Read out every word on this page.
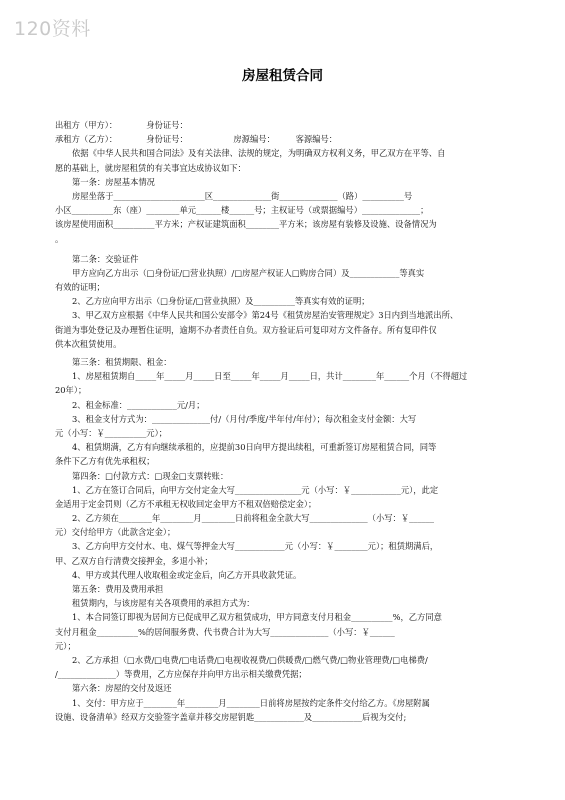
120资料
房屋租赁合同
出租方（甲方）：　　　　身份证号：
承租方（乙方）：　　　　身份证号：　　　　　　房源编号：　　　客源编号：
依据《中华人民共和国合同法》及有关法律、法规的规定，为明确双方权利义务，甲乙双方在平等、自
愿的基础上，就房屋租赁的有关事宜达成协议如下：
第一条：房屋基本情况
房屋坐落于______________________区______________街______________（路）__________号
小区__________东（座）________单元______楼______号；主权证号（或票据编号）______________；
该房屋使用面积__________平方米；产权证建筑面积________平方米；该房屋有装修及设施、设备情况为
。
第二条：交验证件
甲方应向乙方出示（□身份证/□营业执照）/□房屋产权证人□购房合同）及____________等真实
有效的证明；
2、乙方应向甲方出示（□身份证/□营业执照）及__________等真实有效的证明；
3、甲乙双方应根据《中华人民共和国公安部令》第24号《租赁房屋治安管理规定》3日内到当地派出所、
街道为事处登记及办理暂住证明，逾期不办者责任自负。双方验证后可复印对方文件备存。所有复印件仅
供本次租赁使用。
第三条：租赁期限、租金：
1、房屋租赁期自_____年_____月_____日至_____年_____月_____日，共计________年______个月（不得超过
20年）；
2、租金标准：____________元/月；
3、租金支付方式为：______________付/（月付/季度/半年付/年付）；每次租金支付金额：大写
元（小写：￥__________元）；
4、租赁期满，乙方有向继续承租的，应提前30日向甲方提出续租，可重新签订房屋租赁合同，同等
条件下乙方有优先承租权；
第四条：□付款方式：□现金□支票转账：
1、乙方在签订合同后，向甲方交付定金大写________________元（小写：￥____________元），此定
金适用于定金罚则（乙方不承租无权收回定金甲方不租双倍赔偿定金）；
2、乙方须在________年________月________日前将租金全款大写______________（小写：￥______
元）交付给甲方（此款含定金）；
3、乙方向甲方交付水、电、煤气等押金大写____________元（小写：￥________元）；租赁期满后，
甲、乙双方自行清费交接押金，多退小补；
4、甲方或其代理人收取租金或定金后，向乙方开具收款凭证。
第五条：费用及费用承担
租赁期内，与该房屋有关各项费用的承担方式为：
1、本合同签订即视为居间方已促成甲乙双方租赁成功，甲方同意支付月租金__________%，乙方同意
支付月租金__________%的居间服务费、代书费合计为大写______________（小写：￥______
元）；
2、乙方承担（□水费/□电费/□电话费/□电视收视费/□供暖费/□燃气费/□物业管理费/□电梯费/
/______________）等费用，乙方应保存并向甲方出示相关缴费凭据；
第六条：房屋的交付及返还
1、交付：甲方应于________年________月________日前将房屋按约定条件交付给乙方。《房屋附属
设施、设备清单》经双方交验签字盖章并移交房屋钥匙____________及____________后视为交付;
